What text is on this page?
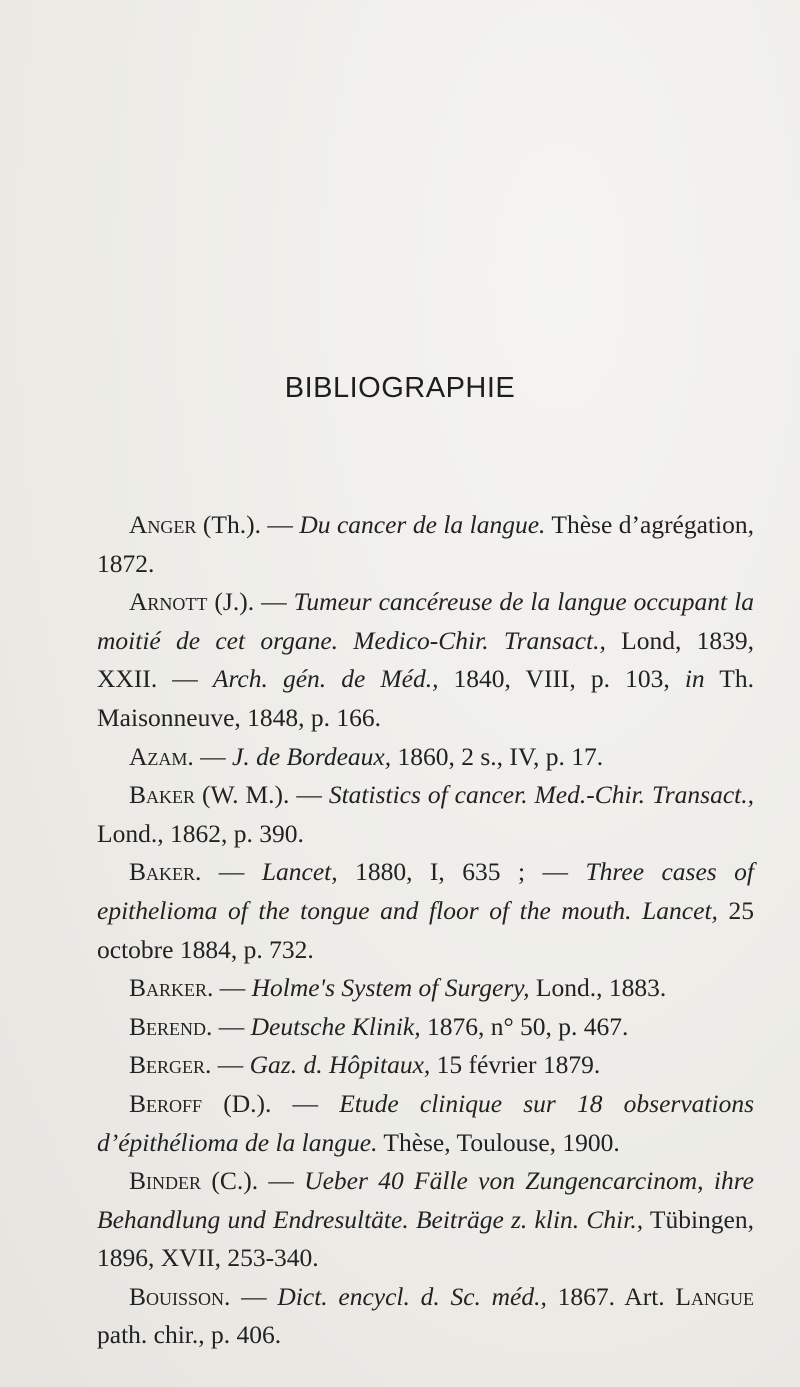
BIBLIOGRAPHIE

Anger (Th.). — Du cancer de la langue. Thèse d’agrégation, 1872.

Arnott (J.). — Tumeur cancéreuse de la langue occupant la moitié de cet organe. Medico-Chir. Transact., Lond, 1839, XXII. — Arch. gén. de Méd., 1840, VIII, p. 103, in Th. Maisonneuve, 1848, p. 166.

Azam. — J. de Bordeaux, 1860, 2 s., IV, p. 17.

Baker (W. M.). — Statistics of cancer. Med.-Chir. Transact., Lond., 1862, p. 390.

Baker. — Lancet, 1880, I, 635 ; — Three cases of epithelioma of the tongue and floor of the mouth. Lancet, 25 octobre 1884, p. 732.

Barker. — Holme's System of Surgery, Lond., 1883.

Berend. — Deutsche Klinik, 1876, n° 50, p. 467.

Berger. — Gaz. d. Hôpitaux, 15 février 1879.

Beroff (D.). — Etude clinique sur 18 observations d’épithélioma de la langue. Thèse, Toulouse, 1900.

Binder (C.). — Ueber 40 Fälle von Zungencarcinom, ihre Behandlung und Endresultäte. Beiträge z. klin. Chir., Tübingen, 1896, XVII, 253-340.

Bouisson. — Dict. encycl. d. Sc. méd., 1867. Art. Langue path. chir., p. 406.
